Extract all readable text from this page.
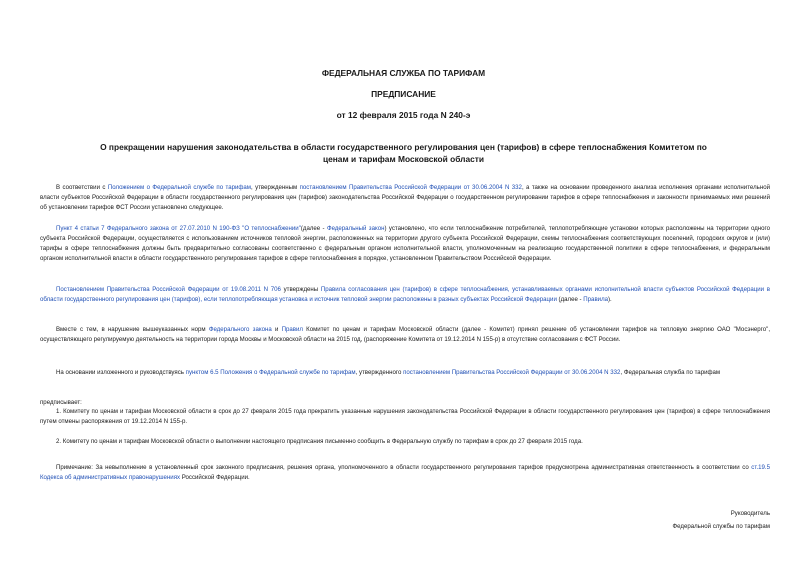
ФЕДЕРАЛЬНАЯ СЛУЖБА ПО ТАРИФАМ
ПРЕДПИСАНИЕ
от 12 февраля 2015 года N 240-э
О прекращении нарушения законодательства в области государственного регулирования цен (тарифов) в сфере теплоснабжения Комитетом по ценам и тарифам Московской области

В соответствии с Положением о Федеральной службе по тарифам, утвержденным постановлением Правительства Российской Федерации от 30.06.2004 N 332, а также на основании проведенного анализа исполнения органами исполнительной власти субъектов Российской Федерации в области государственного регулирования цен (тарифов) законодательства Российской Федерации о государственном регулировании тарифов в сфере теплоснабжения и законности принимаемых ими решений об установлении тарифов ФСТ России установлено следующее.

Пункт 4 статьи 7 Федерального закона от 27.07.2010 N 190-ФЗ "О теплоснабжении"(далее - Федеральный закон) установлено, что если теплоснабжение потребителей, теплопотребляющие установки которых расположены на территории одного субъекта Российской Федерации, осуществляется с использованием источников тепловой энергии, расположенных на территории другого субъекта Российской Федерации, схемы теплоснабжения соответствующих поселений, городских округов и (или) тарифы в сфере теплоснабжения должны быть предварительно согласованы соответственно с федеральным органом исполнительной власти, уполномоченным на реализацию государственной политики в сфере теплоснабжения, и федеральным органом исполнительной власти в области государственного регулирования тарифов в сфере теплоснабжения в порядке, установленном Правительством Российской Федерации.

Постановлением Правительства Российской Федерации от 19.08.2011 N 706 утверждены Правила согласования цен (тарифов) в сфере теплоснабжения, устанавливаемых органами исполнительной власти субъектов Российской Федерации в области государственного регулирования цен (тарифов), если теплопотребляющая установка и источник тепловой энергии расположены в разных субъектах Российской Федерации (далее - Правила).

Вместе с тем, в нарушение вышеуказанных норм Федерального закона и Правил Комитет по ценам и тарифам Московской области (далее - Комитет) принял решение об установлении тарифов на тепловую энергию ОАО "Мосэнерго", осуществляющего регулируемую деятельность на территории города Москвы и Московской области на 2015 год, (распоряжение Комитета от 19.12.2014 N 155-р) в отсутствие согласования с ФСТ России.

На основании изложенного и руководствуясь пунктом 6.5 Положения о Федеральной службе по тарифам, утвержденного постановлением Правительства Российской Федерации от 30.06.2004 N 332, Федеральная служба по тарифам

предписывает:

1. Комитету по ценам и тарифам Московской области в срок до 27 февраля 2015 года прекратить указанные нарушения законодательства Российской Федерации в области государственного регулирования цен (тарифов) в сфере теплоснабжения путем отмены распоряжения от 19.12.2014 N 155-р.

2. Комитету по ценам и тарифам Московской области о выполнении настоящего предписания письменно сообщить в Федеральную службу по тарифам в срок до 27 февраля 2015 года.

Примечание: За невыполнение в установленный срок законного предписания, решения органа, уполномоченного в области государственного регулирования тарифов предусмотрена административная ответственность в соответствии со ст.19.5 Кодекса об административных правонарушениях Российской Федерации.

Руководитель
Федеральной службы по тарифам
